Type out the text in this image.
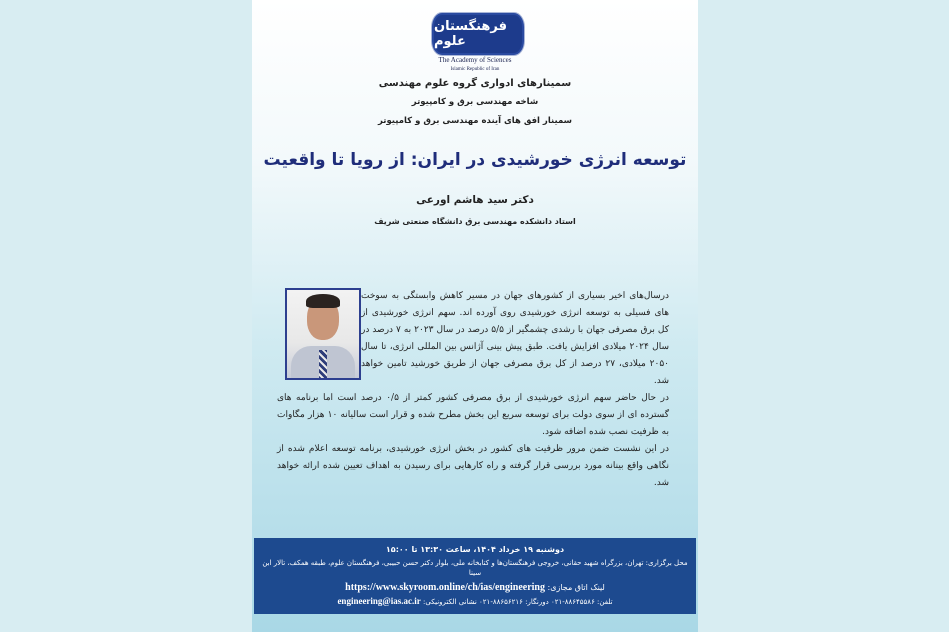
فرهنگستان علوم
The Academy of Sciences
Islamic Republic of Iran
سمینارهای ادواری گروه علوم مهندسی
شاخه مهندسی برق و کامپیوتر
سمینار افق های آینده مهندسی برق و کامپیوتر
توسعه انرژی خورشیدی در ایران: از رویا تا واقعیت
دکتر سید هاشم اورعی
استاد دانشکده مهندسی برق دانشگاه صنعتی شریف

درسال‌های اخیر بسیاری از کشورهای جهان در مسیر کاهش وابستگی به سوخت های فسیلی به توسعه انرژی خورشیدی روی آورده اند. سهم انرژی خورشیدی از کل برق مصرفی جهان با رشدی چشمگیر از ۵/۵ درصد در سال ۲۰۲۳ به ۷ درصد در سال ۲۰۲۴ میلادی افزایش یافت. طبق پیش بینی آژانس بین المللی انرژی، تا سال ۲۰۵۰ میلادی، ۲۷ درصد از کل برق مصرفی جهان از طریق خورشید تامین خواهد شد.

در حال حاضر سهم انرژی خورشیدی از برق مصرفی کشور کمتر از ۰/۵ درصد است اما برنامه های گسترده ای از سوی دولت برای توسعه سریع این بخش مطرح شده و قرار است سالیانه ۱۰ هزار مگاوات به ظرفیت نصب شده اضافه شود.

در این نشست ضمن مرور ظرفیت های کشور در بخش انرژی خورشیدی، برنامه توسعه اعلام شده از نگاهی واقع بینانه مورد بررسی قرار گرفته و راه کارهایی برای رسیدن به اهداف تعیین شده ارائه خواهد شد.

دوشنبه ۱۹ خرداد ۱۴۰۴، ساعت ۱۳:۳۰ تا ۱۵:۰۰
محل برگزاری: تهران، بزرگراه شهید حقانی، خروجی فرهنگستان‌ها و کتابخانه ملی، بلوار دکتر حسن حبیبی، فرهنگستان علوم، طبقه همکف، تالار ابن سینا
لینک اتاق مجازی: https://www.skyroom.online/ch/ias/engineering
تلفن: ۸۸۶۴۵۵۸۶-۰۲۱ دورنگار: ۸۸۶۵۶۲۱۶-۰۲۱ نشانی الکترونیکی: engineering@ias.ac.ir
